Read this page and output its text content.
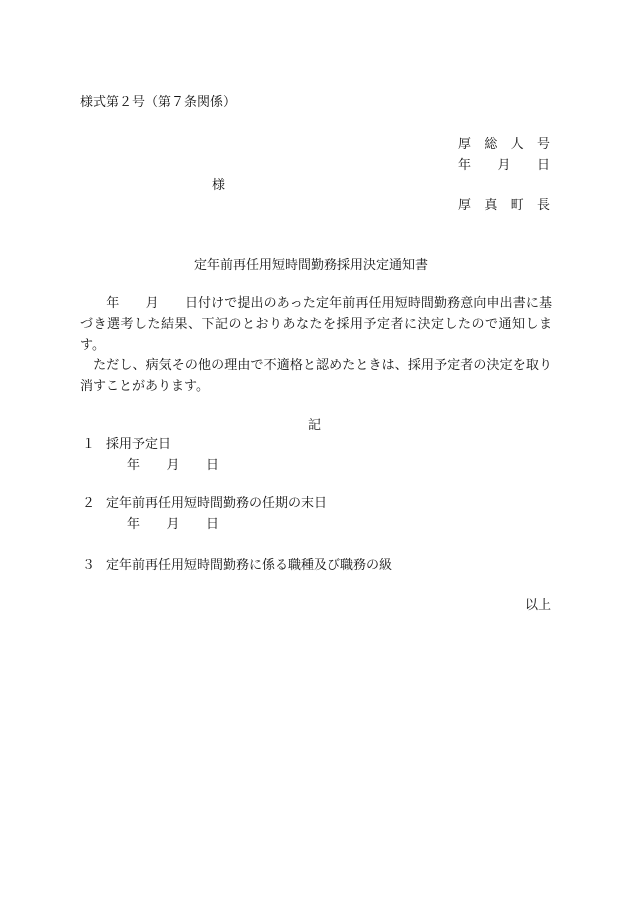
様式第２号（第７条関係）
厚 総 人 号
年 月 日
様
厚 真 町 長
定年前再任用短時間勤務採用決定通知書
　　年　　月　　日付けで提出のあった定年前再任用短時間勤務意向申出書に基づき選考した結果、下記のとおりあなたを採用予定者に決定したので通知します。
　ただし、病気その他の理由で不適格と認めたときは、採用予定者の決定を取り消すことがあります。
記
１ 採用予定日
年 月 日
２ 定年前再任用短時間勤務の任期の末日
年 月 日
３ 定年前再任用短時間勤務に係る職種及び職務の級
以上
